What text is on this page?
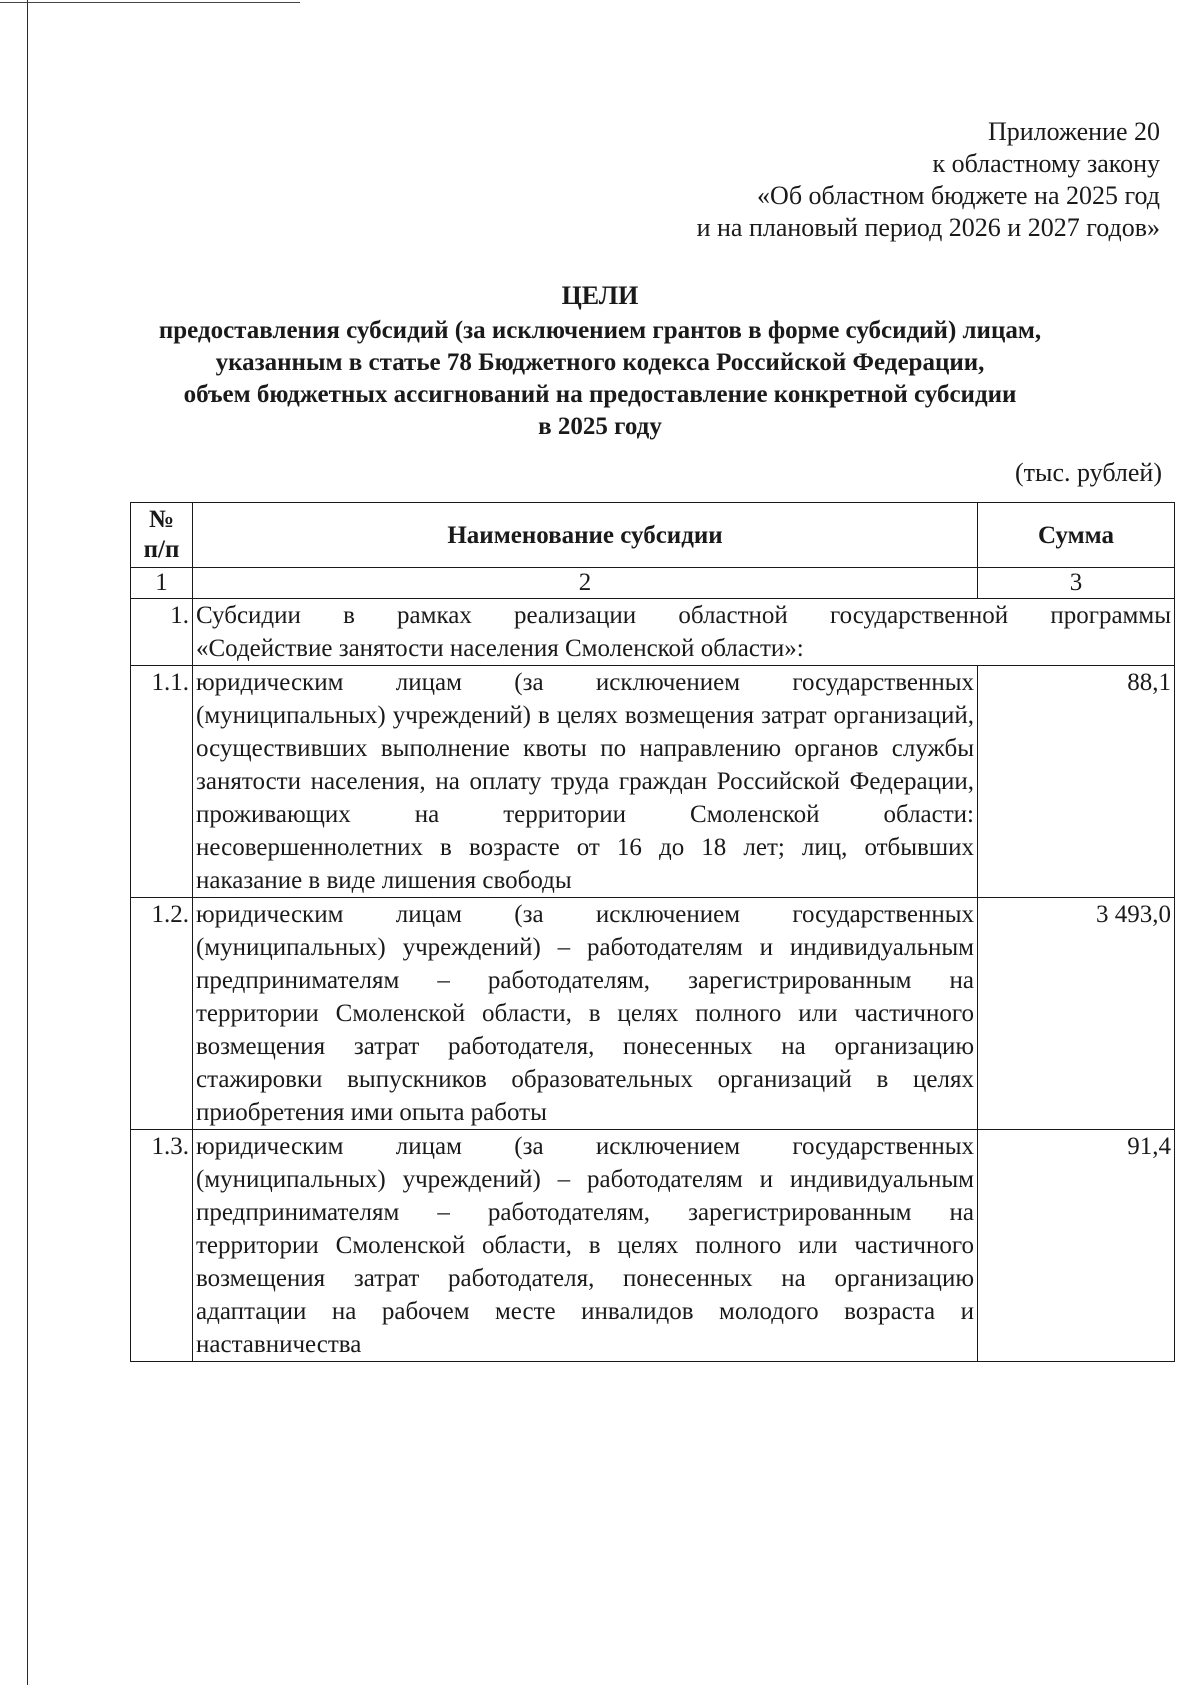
Приложение 20
к областному закону
«Об областном бюджете на 2025 год
и на плановый период 2026 и 2027 годов»
ЦЕЛИ
предоставления субсидий (за исключением грантов в форме субсидий) лицам,
указанным в статье 78 Бюджетного кодекса Российской Федерации,
объем бюджетных ассигнований на предоставление конкретной субсидии
в 2025 году
(тыс. рублей)
№
п/п	Наименование субсидии	Сумма
1	2	3
1.	Субсидии в рамках реализации областной государственной программы
«Содействие занятости населения Смоленской области»:	

1.1.	юридическим лицам (за исключением государственных (муниципальных) учреждений) в целях возмещения затрат организаций, осуществивших выполнение квоты по направлению органов службы занятости населения, на оплату труда граждан Российской Федерации, проживающих на территории Смоленской области: несовершеннолетних в возрасте от 16 до 18 лет; лиц, отбывших наказание в виде лишения свободы	88,1
1.2.	юридическим лицам (за исключением государственных (муниципальных) учреждений) – работодателям и индивидуальным предпринимателям – работодателям, зарегистрированным на территории Смоленской области, в целях полного или частичного возмещения затрат работодателя, понесенных на организацию стажировки выпускников образовательных организаций в целях приобретения ими опыта работы	3 493,0
1.3.	юридическим лицам (за исключением государственных (муниципальных) учреждений) – работодателям и индивидуальным предпринимателям – работодателям, зарегистрированным на территории Смоленской области, в целях полного или частичного возмещения затрат работодателя, понесенных на организацию адаптации на рабочем месте инвалидов молодого возраста и наставничества	91,4
